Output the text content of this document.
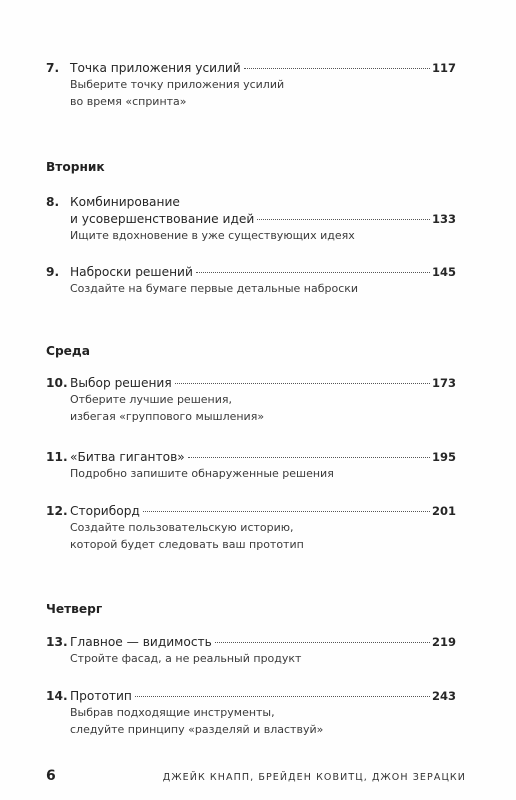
7. Точка приложения усилий	117
Выберите точку приложения усилий
во время «спринта»
Вторник
8. Комбинирование
и усовершенствование идей	133
Ищите вдохновение в уже существующих идеях
9. Наброски решений	145
Создайте на бумаге первые детальные наброски
Среда
10. Выбор решения	173
Отберите лучшие решения,
избегая «группового мышления»
11. «Битва гигантов»	195
Подробно запишите обнаруженные решения
12. Сториборд	201
Создайте пользовательскую историю,
которой будет следовать ваш прототип
Четверг
13. Главное — видимость	219
Стройте фасад, а не реальный продукт
14. Прототип	243
Выбрав подходящие инструменты,
следуйте принципу «разделяй и властвуй»
6	ДЖЕЙК КНАПП, БРЕЙДЕН КОВИТЦ, ДЖОН ЗЕРАЦКИ
